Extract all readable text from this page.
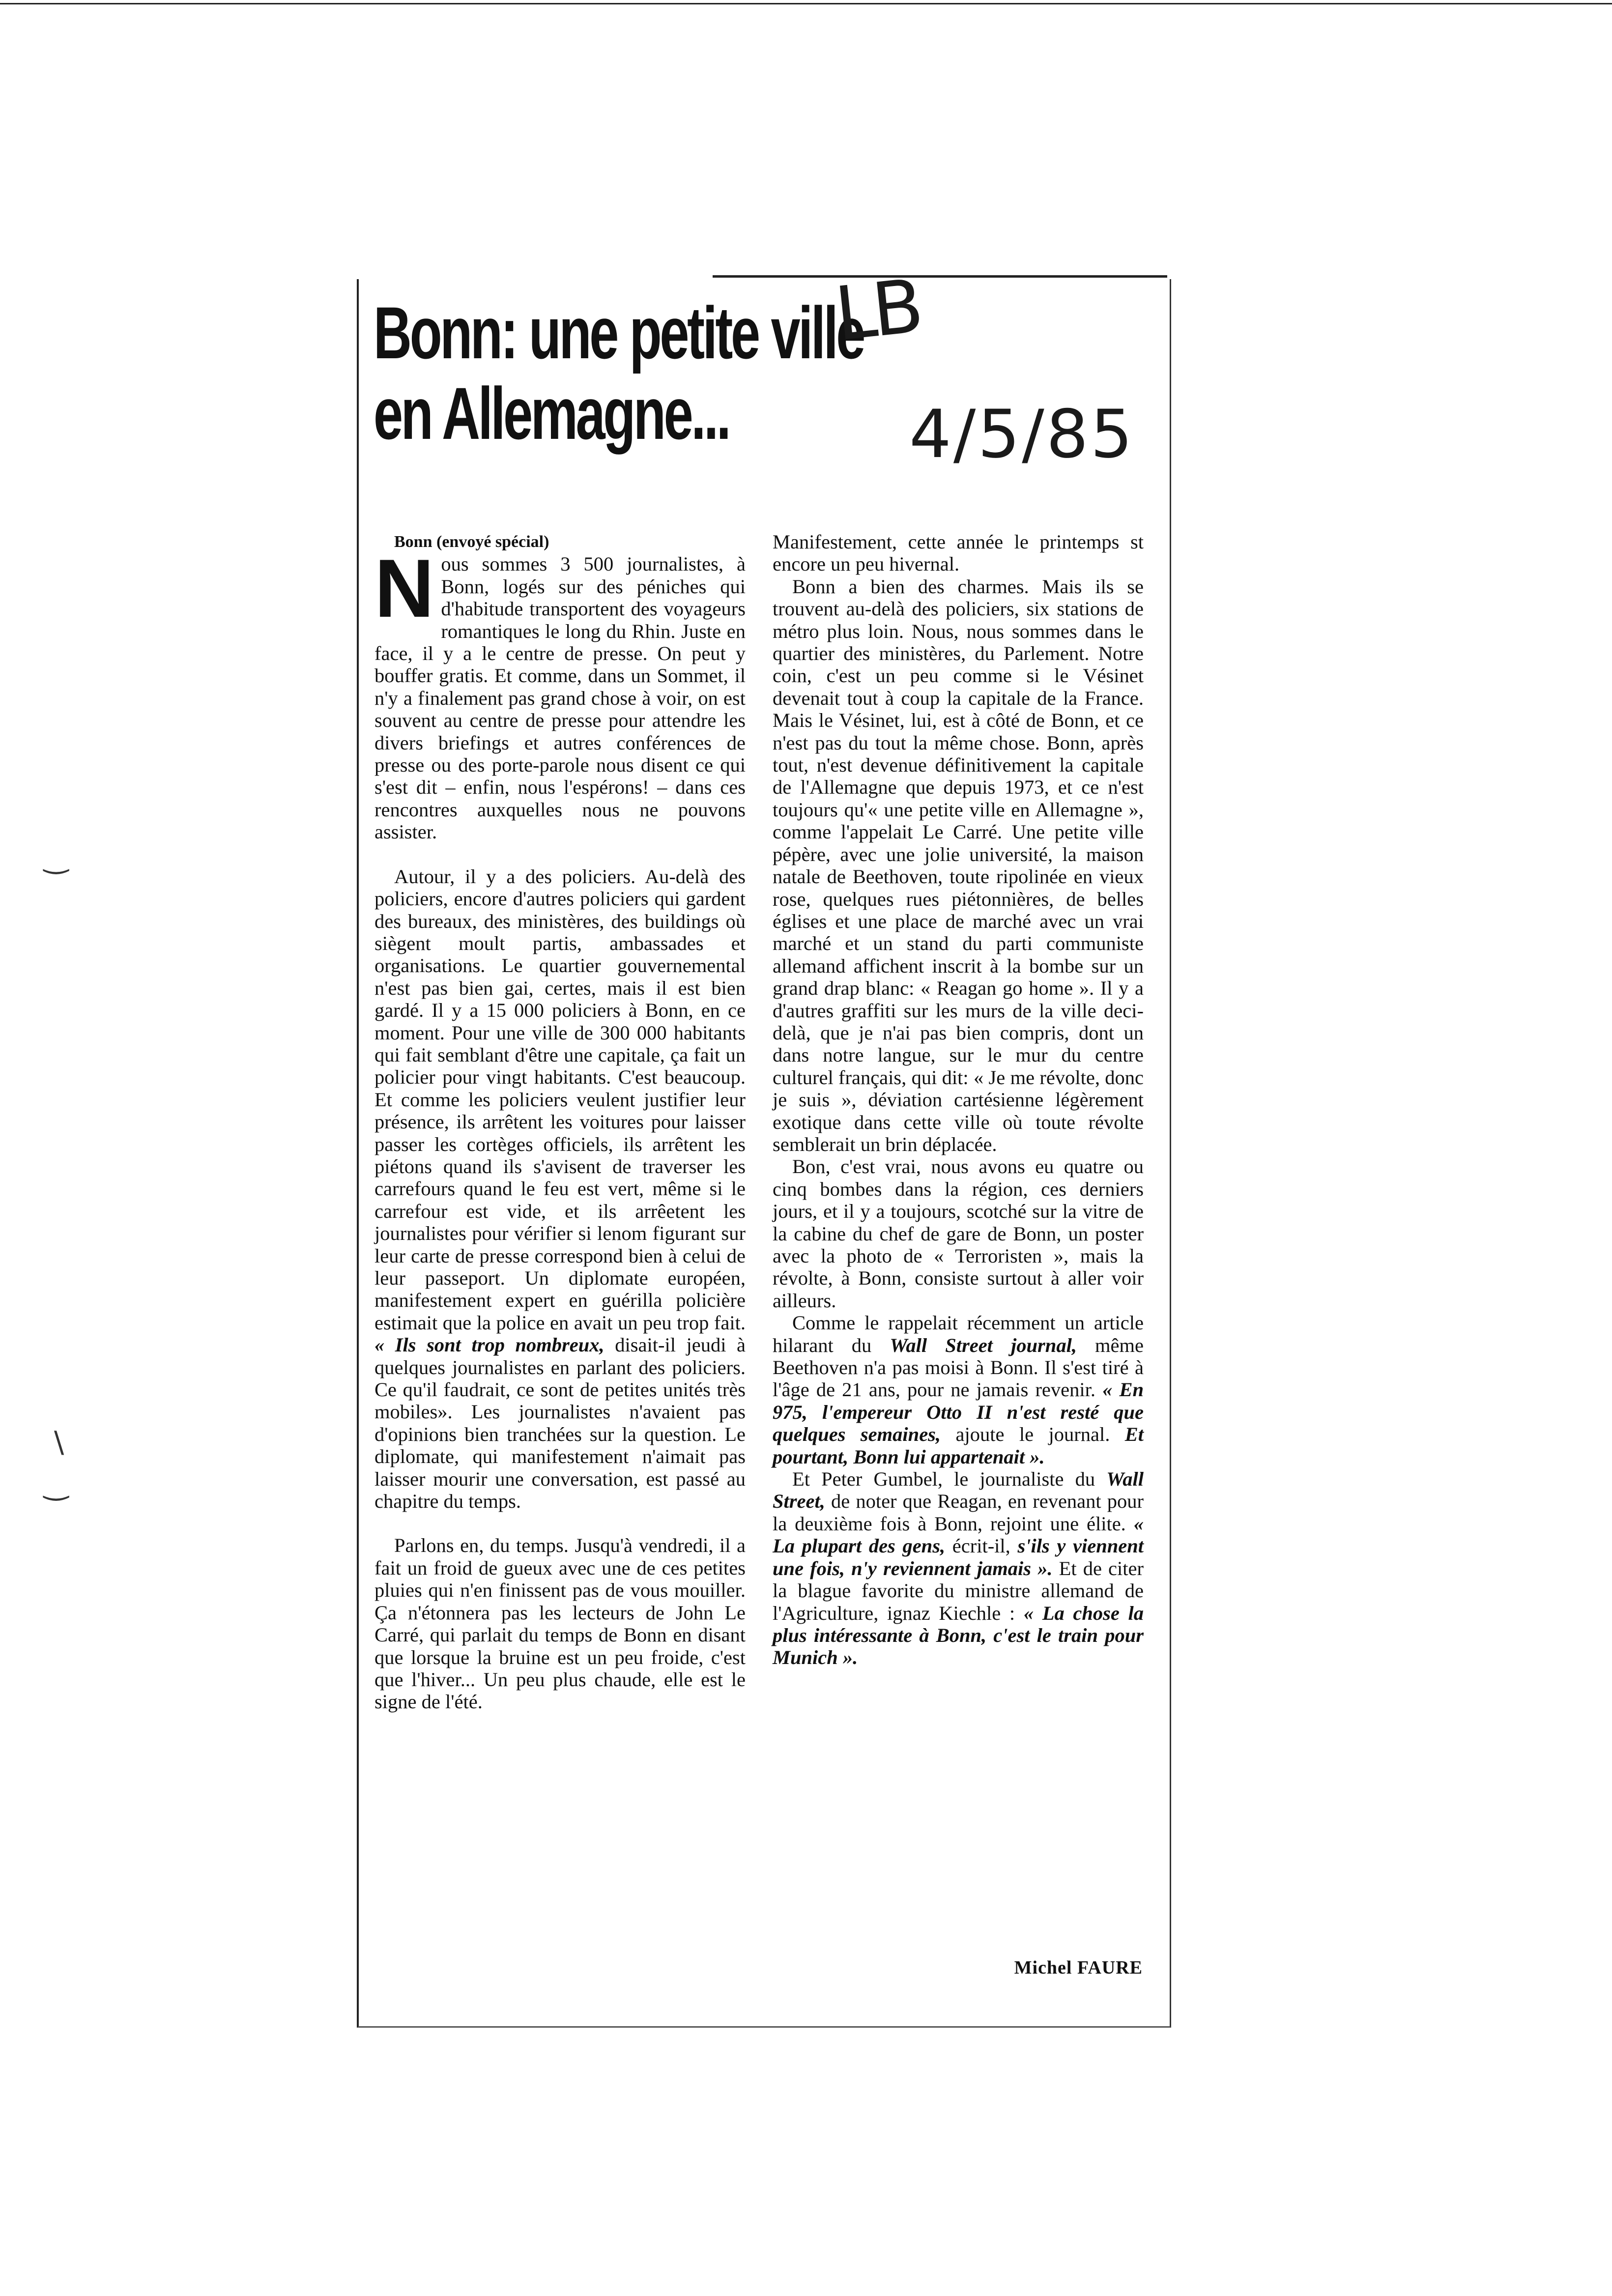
Bonn: une petite ville
en Allemagne...
LB
4/5/85

Bonn (envoyé spécial)

Nous sommes 3 500 journalistes, à Bonn, logés sur des péniches qui d'habitude transportent des voyageurs romantiques le long du Rhin. Juste en face, il y a le centre de presse. On peut y bouffer gratis. Et comme, dans un Sommet, il n'y a finalement pas grand chose à voir, on est souvent au centre de presse pour attendre les divers briefings et autres conférences de presse ou des porte-parole nous disent ce qui s'est dit – enfin, nous l'espérons! – dans ces rencontres auxquelles nous ne pouvons assister.

Autour, il y a des policiers. Au-delà des policiers, encore d'autres policiers qui gardent des bureaux, des ministères, des buildings où siègent moult partis, ambassades et organisations. Le quartier gouvernemental n'est pas bien gai, certes, mais il est bien gardé. Il y a 15 000 policiers à Bonn, en ce moment. Pour une ville de 300 000 habitants qui fait semblant d'être une capitale, ça fait un policier pour vingt habitants. C'est beaucoup. Et comme les policiers veulent justifier leur présence, ils arrêtent les voitures pour laisser passer les cortèges officiels, ils arrêtent les piétons quand ils s'avisent de traverser les carrefours quand le feu est vert, même si le carrefour est vide, et ils arrêetent les journalistes pour vérifier si lenom figurant sur leur carte de presse correspond bien à celui de leur passeport. Un diplomate européen, manifestement expert en guérilla policière estimait que la police en avait un peu trop fait. « Ils sont trop nombreux, disait-il jeudi à quelques journalistes en parlant des policiers. Ce qu'il faudrait, ce sont de petites unités très mobiles». Les journalistes n'avaient pas d'opinions bien tranchées sur la question. Le diplomate, qui manifestement n'aimait pas laisser mourir une conversation, est passé au chapitre du temps.

Parlons en, du temps. Jusqu'à vendredi, il a fait un froid de gueux avec une de ces petites pluies qui n'en finissent pas de vous mouiller. Ça n'étonnera pas les lecteurs de John Le Carré, qui parlait du temps de Bonn en disant que lorsque la bruine est un peu froide, c'est que l'hiver... Un peu plus chaude, elle est le signe de l'été.

Manifestement, cette année le printemps st encore un peu hivernal.

Bonn a bien des charmes. Mais ils se trouvent au-delà des policiers, six stations de métro plus loin. Nous, nous sommes dans le quartier des ministères, du Parlement. Notre coin, c'est un peu comme si le Vésinet devenait tout à coup la capitale de la France. Mais le Vésinet, lui, est à côté de Bonn, et ce n'est pas du tout la même chose. Bonn, après tout, n'est devenue définitivement la capitale de l'Allemagne que depuis 1973, et ce n'est toujours qu'« une petite ville en Allemagne », comme l'appelait Le Carré. Une petite ville pépère, avec une jolie université, la maison natale de Beethoven, toute ripolinée en vieux rose, quelques rues piétonnières, de belles églises et une place de marché avec un vrai marché et un stand du parti communiste allemand affichent inscrit à la bombe sur un grand drap blanc: « Reagan go home ». Il y a d'autres graffiti sur les murs de la ville deci-delà, que je n'ai pas bien compris, dont un dans notre langue, sur le mur du centre culturel français, qui dit: « Je me révolte, donc je suis », déviation cartésienne légèrement exotique dans cette ville où toute révolte semblerait un brin déplacée.

Bon, c'est vrai, nous avons eu quatre ou cinq bombes dans la région, ces derniers jours, et il y a toujours, scotché sur la vitre de la cabine du chef de gare de Bonn, un poster avec la photo de « Terroristen », mais la révolte, à Bonn, consiste surtout à aller voir ailleurs.

Comme le rappelait récemment un article hilarant du Wall Street journal, même Beethoven n'a pas moisi à Bonn. Il s'est tiré à l'âge de 21 ans, pour ne jamais revenir. « En 975, l'empereur Otto II n'est resté que quelques semaines, ajoute le journal. Et pourtant, Bonn lui appartenait ».

Et Peter Gumbel, le journaliste du Wall Street, de noter que Reagan, en revenant pour la deuxième fois à Bonn, rejoint une élite. « La plupart des gens, écrit-il, s'ils y viennent une fois, n'y reviennent jamais ». Et de citer la blague favorite du ministre allemand de l'Agriculture, ignaz Kiechle : « La chose la plus intéressante à Bonn, c'est le train pour Munich ».

Michel FAURE
‿
\
‿
